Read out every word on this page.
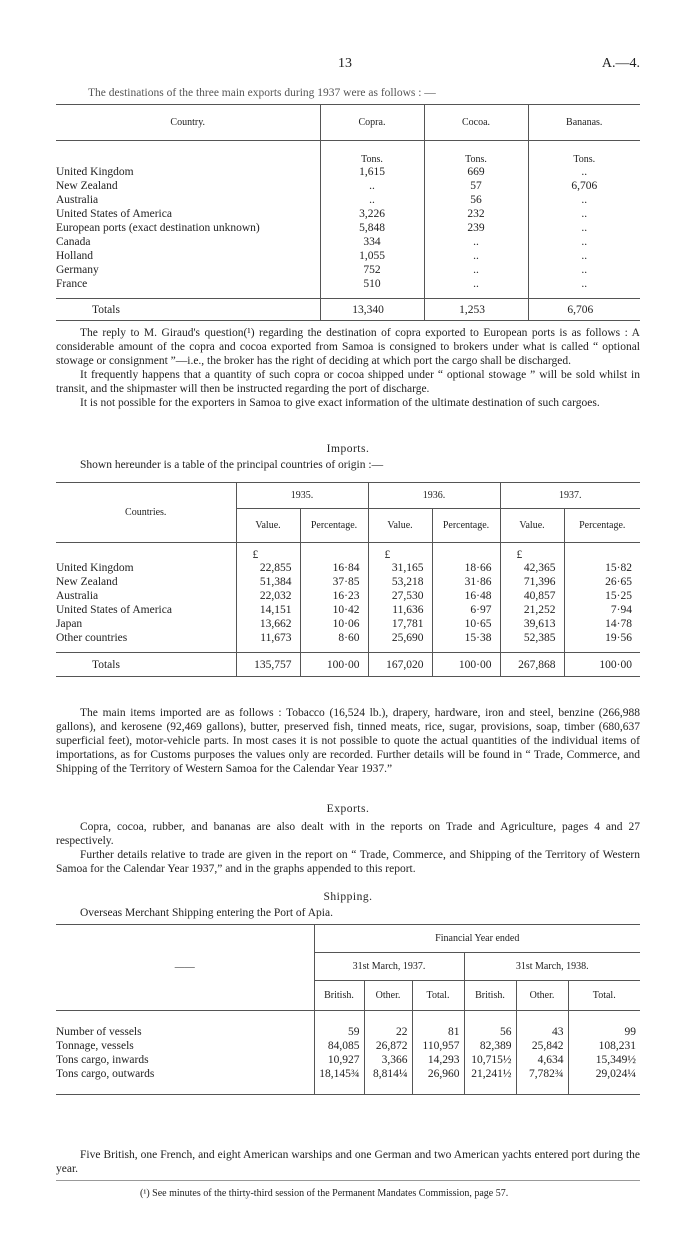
13	A.—4.
The destinations of the three main exports during 1937 were as follows : —
Country.	Copra.	Cocoa.	Bananas.
	Tons.	Tons.	Tons.
United Kingdom	1,615	669	..
New Zealand	..	57	6,706
Australia	..	56	..
United States of America	3,226	232	..
European ports (exact destination unknown)	5,848	239	..
Canada	334	..	..
Holland	1,055	..	..
Germany	752	..	..
France	510	..	..

Totals	13,340	1,253	6,706
The reply to M. Giraud's question(¹) regarding the destination of copra exported to European ports is as follows : A considerable amount of the copra and cocoa exported from Samoa is consigned to brokers under what is called “ optional stowage or consignment ”—i.e., the broker has the right of deciding at which port the cargo shall be discharged.
It frequently happens that a quantity of such copra or cocoa shipped under “ optional stowage ” will be sold whilst in transit, and the shipmaster will then be instructed regarding the port of discharge.
It is not possible for the exporters in Samoa to give exact information of the ultimate destination of such cargoes.
Imports.
Shown hereunder is a table of the principal countries of origin :—
Countries.	1935.		1936.		1937.	
	Value.	Percentage.	Value.	Percentage.	Value.	Percentage.
	£		£		£	
United Kingdom	22,855	16·84	31,165	18·66	42,365	15·82
New Zealand	51,384	37·85	53,218	31·86	71,396	26·65
Australia	22,032	16·23	27,530	16·48	40,857	15·25
United States of America	14,151	10·42	11,636	6·97	21,252	7·94
Japan	13,662	10·06	17,781	10·65	39,613	14·78
Other countries	11,673	8·60	25,690	15·38	52,385	19·56

Totals	135,757	100·00	167,020	100·00	267,868	100·00
The main items imported are as follows : Tobacco (16,524 lb.), drapery, hardware, iron and steel, benzine (266,988 gallons), and kerosene (92,469 gallons), butter, preserved fish, tinned meats, rice, sugar, provisions, soap, timber (680,637 superficial feet), motor-vehicle parts. In most cases it is not possible to quote the actual quantities of the individual items of importations, as for Customs purposes the values only are recorded. Further details will be found in “ Trade, Commerce, and Shipping of the Territory of Western Samoa for the Calendar Year 1937.”
Exports.
Copra, cocoa, rubber, and bananas are also dealt with in the reports on Trade and Agriculture, pages 4 and 27 respectively.
Further details relative to trade are given in the report on “ Trade, Commerce, and Shipping of the Territory of Western Samoa for the Calendar Year 1937,” and in the graphs appended to this report.
Shipping.
Overseas Merchant Shipping entering the Port of Apia.
——	Financial Year ended					
	31st March, 1937.			31st March, 1938.		
	British.	Other.	Total.	British.	Other.	Total.

Number of vessels	59	22	81	56	43	99
Tonnage, vessels	84,085	26,872	110,957	82,389	25,842	108,231
Tons cargo, inwards	10,927	3,366	14,293	10,715½	4,634	15,349½
Tons cargo, outwards	18,145¾	8,814¼	26,960	21,241½	7,782¾	29,024¼

Five British, one French, and eight American warships and one German and two American yachts entered port during the year.
(¹) See minutes of the thirty-third session of the Permanent Mandates Commission, page 57.
